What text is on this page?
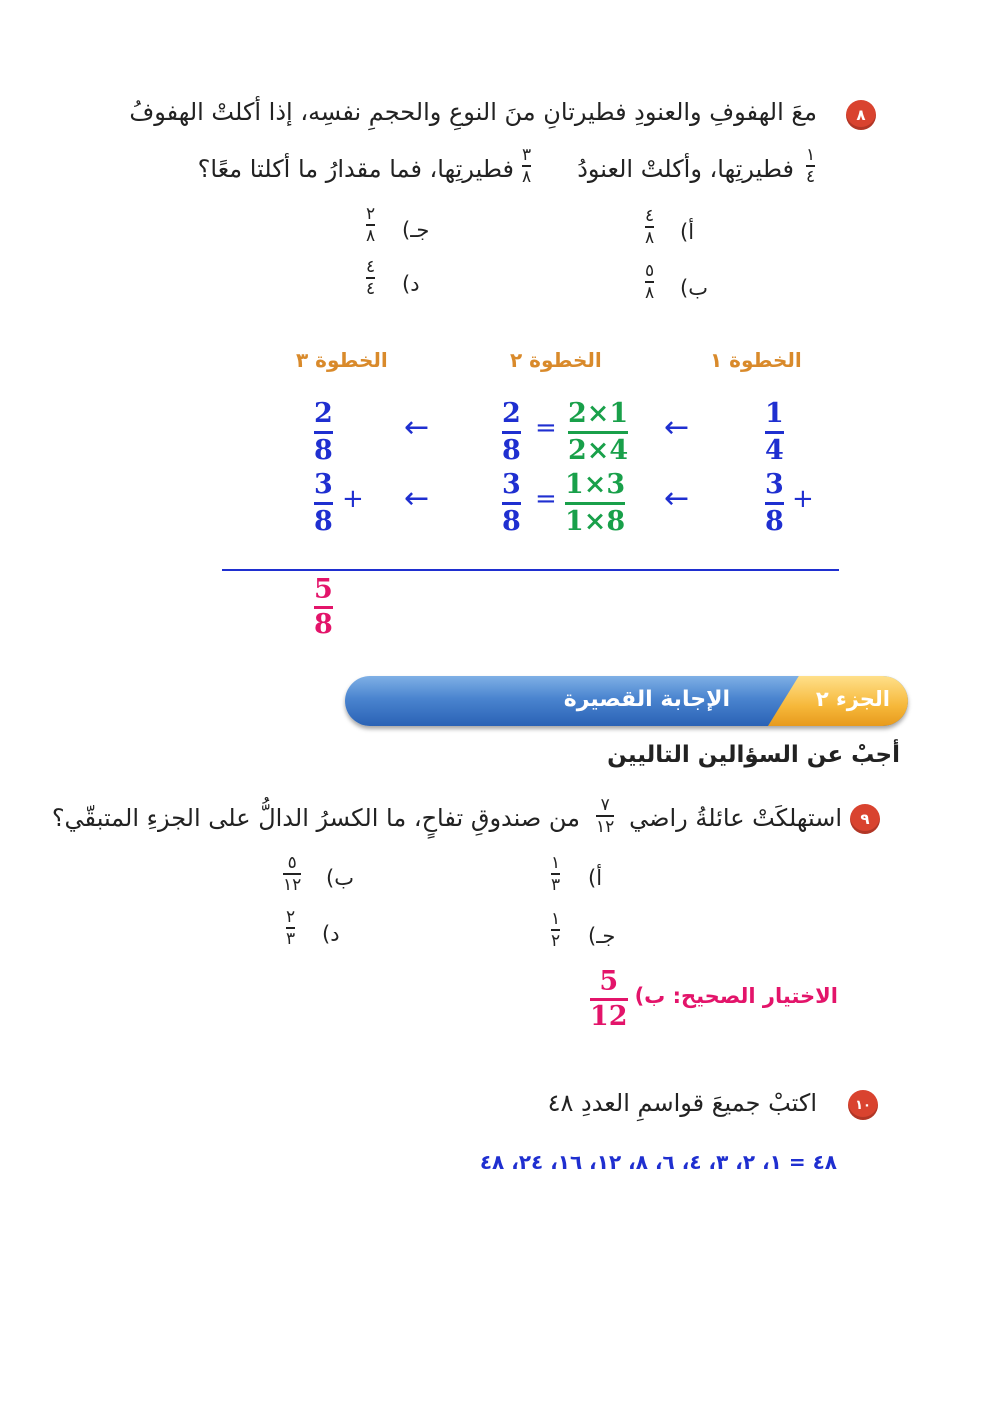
٨
معَ الهفوفِ والعنودِ فطيرتانِ منَ النوعِ والحجمِ نفسِه، إذا أكلتْ الهفوفُ
فطيرتِها، وأكلتْ العنودُ ١
٤
٣
٨
فطيرتِها، فما مقدارُ ما أكلتا معًا؟
أ)
٤
٨
ب)
٥
٨
جـ)
٢
٨
د)
٤
٤
الخطوة ١
الخطوة ٢
الخطوة ٣
1
4
←
2×1
2×4
=
2
8
←
2
8
+
3
8
←
1×3
1×8
=
3
8
←
+
3
8
5
8
الجزء ٢
الإجابة القصيرة
أجبْ عن السؤالين التاليين
٩
استهلكَتْ عائلةُ راضي
٧
١٢
من صندوقِ تفاحٍ، ما الكسرُ الدالُّ على الجزءِ المتبقّي؟
أ)
١
٣
جـ)
١
٢
ب)
٥
١٢
د)
٢
٣
الاختيار الصحيح: ب)
5
12
١٠
اكتبْ جميعَ قواسمِ العددِ ٤٨
٤٨ = ١، ٢، ٣، ٤، ٦، ٨، ١٢، ١٦، ٢٤، ٤٨
